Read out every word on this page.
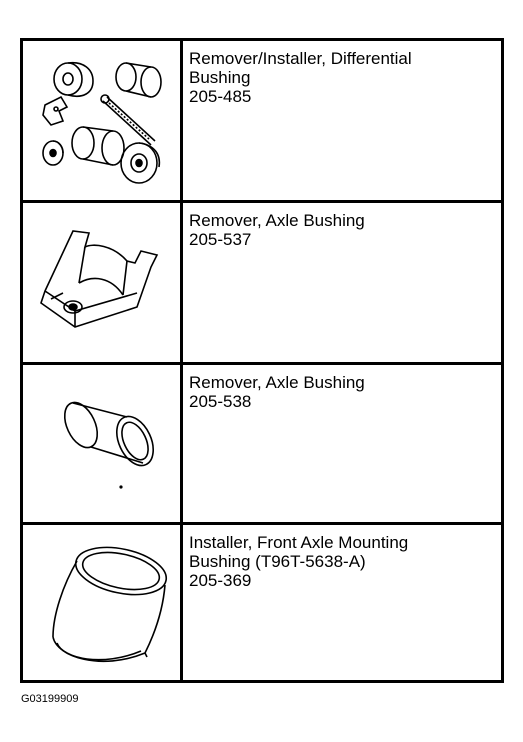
Remover/Installer, Differential
Bushing
205-485
Remover, Axle Bushing
205-537
Remover, Axle Bushing
205-538
Installer, Front Axle Mounting
Bushing (T96T-5638-A)
205-369
G03199909
